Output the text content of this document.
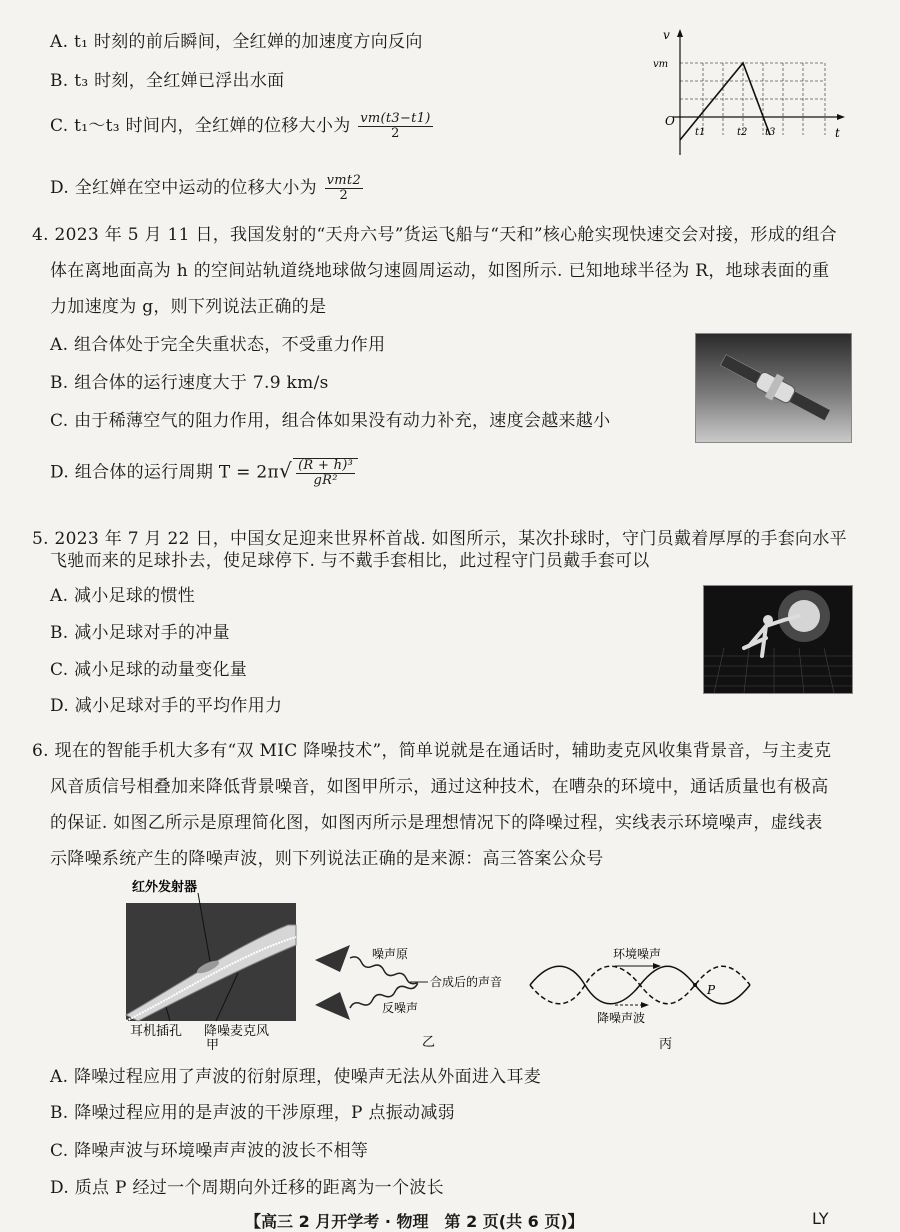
A. t₁ 时刻的前后瞬间，全红婵的加速度方向反向
B. t₃ 时刻，全红婵已浮出水面
C. t₁～t₃ 时间内，全红婵的位移大小为 $\frac{vm(t3-t1)}{2}$
D. 全红婵在空中运动的位移大小为 $\frac{\text{vmt2}}{2}$
v
vm
O
t
t1	t2 t3
4. 2023 年 5 月 11 日，我国发射的“天舟六号”货运飞船与“天和”核心舱实现快速交会对接，形成的组合
体在离地面高为 h 的空间站轨道绕地球做匀速圆周运动，如图所示. 已知地球半径为 R，地球表面的重
力加速度为 g，则下列说法正确的是
A. 组合体处于完全失重状态，不受重力作用
B. 组合体的运行速度大于 7.9 km/s
C. 由于稀薄空气的阻力作用，组合体如果没有动力补充，速度会越来越小
D. 组合体的运行周期 $T = 2\pi√ \frac{\text{(R + h)³}}{\text{gR²}}$
5. 2023 年 7 月 22 日，中国女足迎来世界杯首战. 如图所示，某次扑球时，守门员戴着厚厚的手套向水平
飞驰而来的足球扑去，使足球停下. 与不戴手套相比，此过程守门员戴手套可以
A. 减小足球的惯性
B. 减小足球对手的冲量
C. 减小足球的动量变化量
D. 减小足球对手的平均作用力
6. 现在的智能手机大多有“双 MIC 降噪技术”，简单说就是在通话时，辅助麦克风收集背景音，与主麦克
风音质信号相叠加来降低背景噪音，如图甲所示，通过这种技术，在嘈杂的环境中，通话质量也有极高
的保证. 如图乙所示是原理简化图，如图丙所示是理想情况下的降噪过程，实线表示环境噪声，虚线表
示降噪系统产生的降噪声波，则下列说法正确的是来源：高三答案公众号
红外发射器
耳机插孔 降噪麦克风
甲
噪声原
合成后的声音
反噪声
乙
环境噪声
降噪声波
P
丙
A. 降噪过程应用了声波的衍射原理，使噪声无法从外面进入耳麦
B. 降噪过程应用的是声波的干涉原理，P 点振动减弱
C. 降噪声波与环境噪声声波的波长不相等
D. 质点 P 经过一个周期向外迁移的距离为一个波长
【高三 2 月开学考 · 物理　第 2 页(共 6 页)】	LY
